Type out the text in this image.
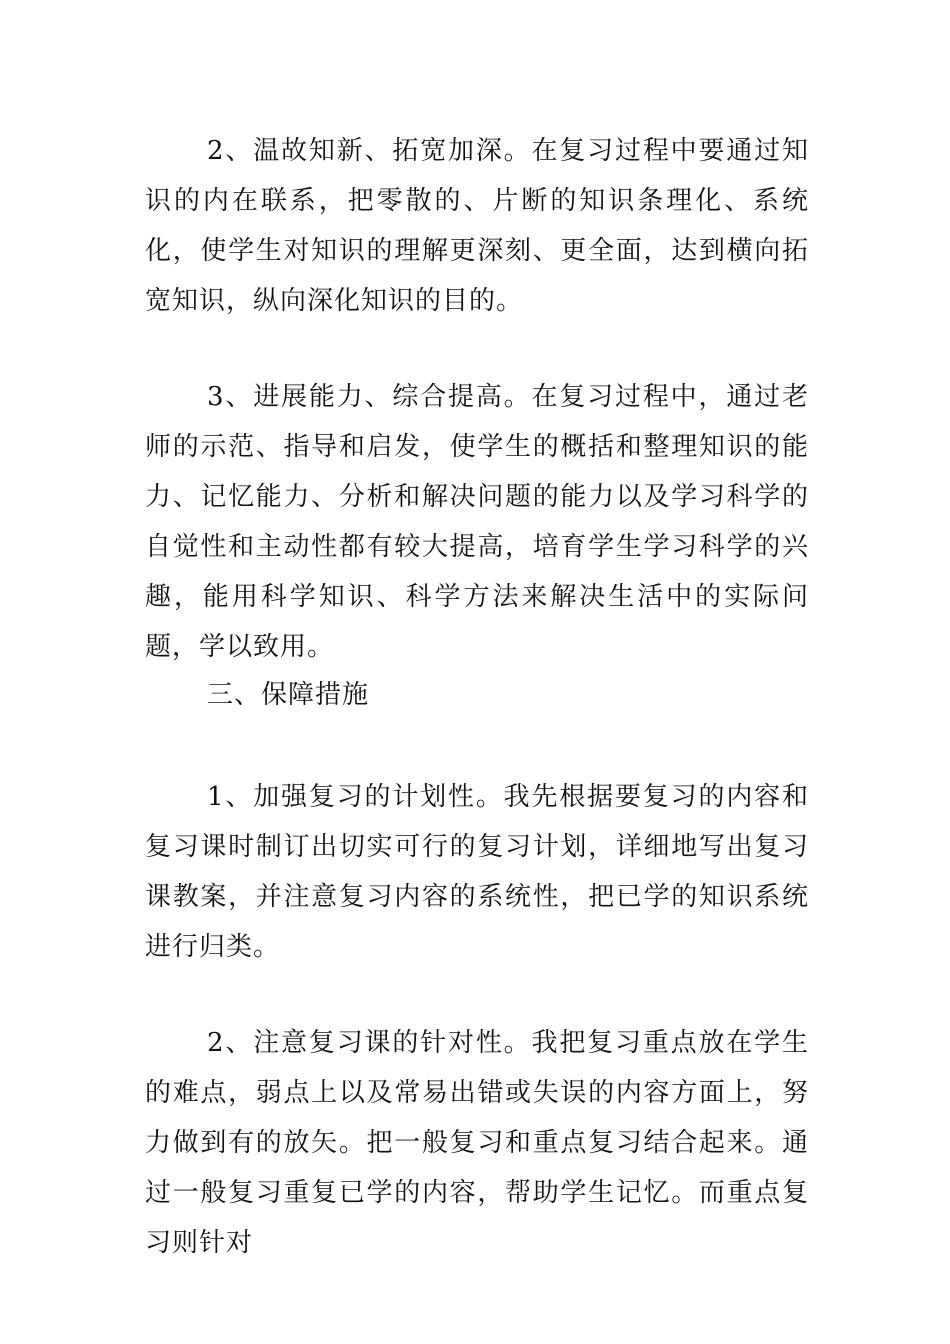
2、温故知新、拓宽加深。在复习过程中要通过知识的内在联系，把零散的、片断的知识条理化、系统化，使学生对知识的理解更深刻、更全面，达到横向拓宽知识，纵向深化知识的目的。

3、进展能力、综合提高。在复习过程中，通过老师的示范、指导和启发，使学生的概括和整理知识的能力、记忆能力、分析和解决问题的能力以及学习科学的自觉性和主动性都有较大提高，培育学生学习科学的兴趣，能用科学知识、科学方法来解决生活中的实际问题，学以致用。

三、保障措施

1、加强复习的计划性。我先根据要复习的内容和复习课时制订出切实可行的复习计划，详细地写出复习课教案，并注意复习内容的系统性，把已学的知识系统进行归类。

2、注意复习课的针对性。我把复习重点放在学生的难点，弱点上以及常易出错或失误的内容方面上，努力做到有的放矢。把一般复习和重点复习结合起来。通过一般复习重复已学的内容，帮助学生记忆。而重点复习则针对
